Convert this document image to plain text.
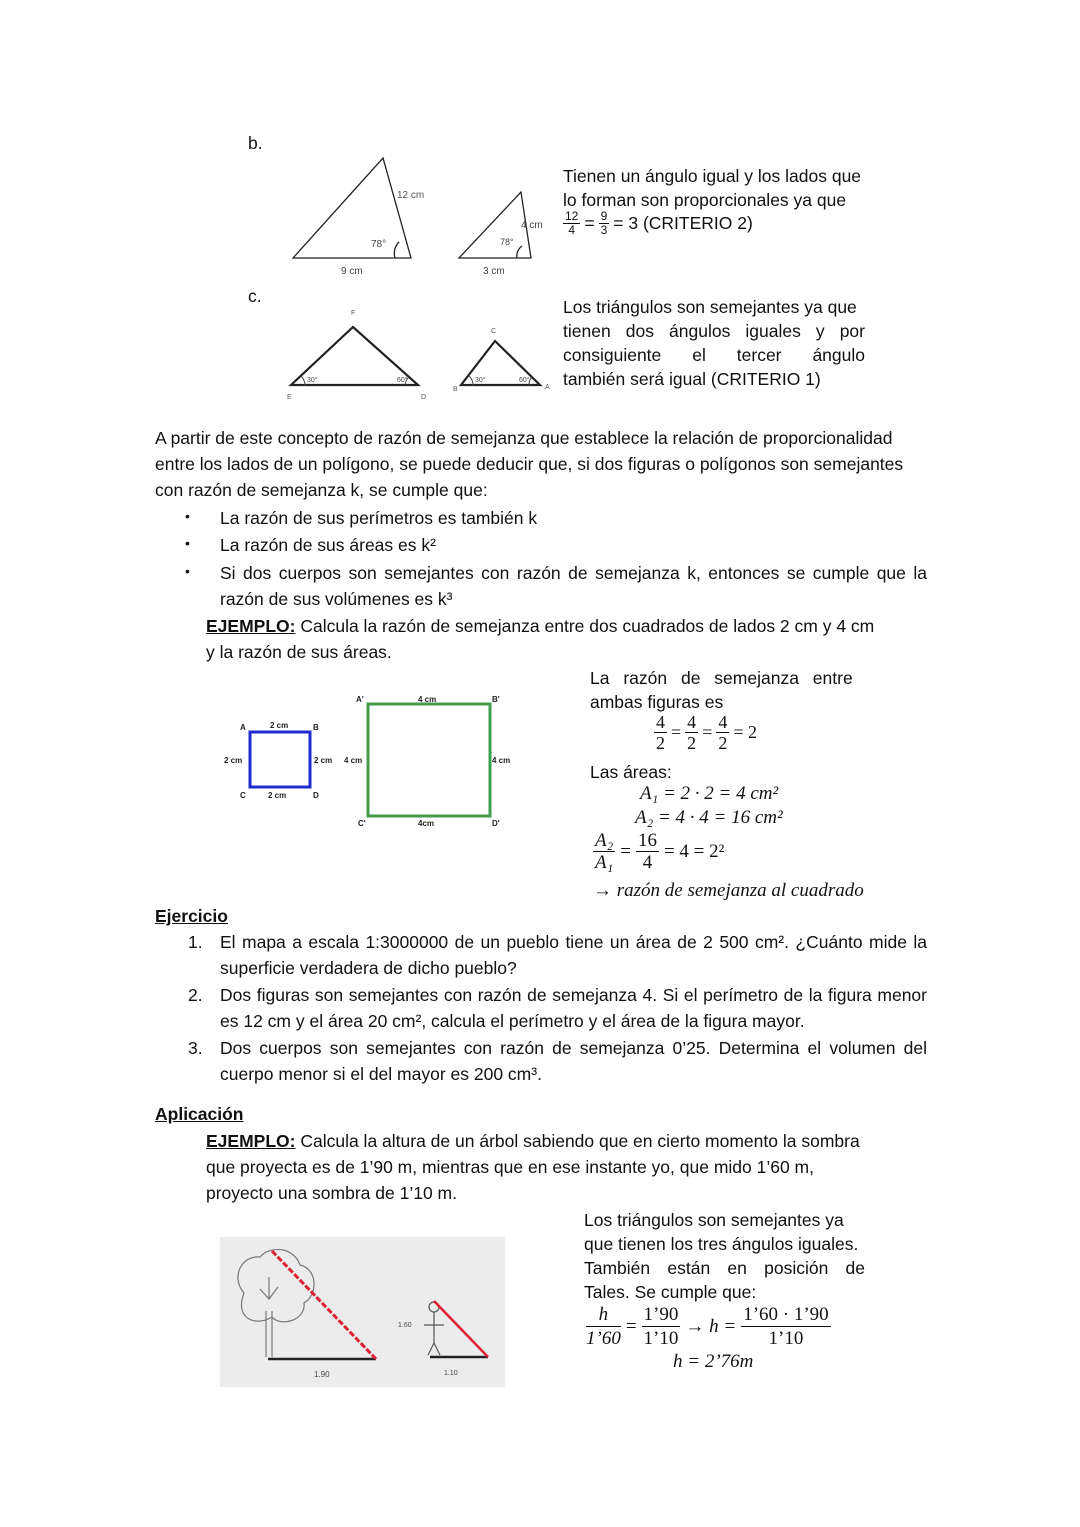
b.
12 cm
78°
9 cm
4 cm
78°
3 cm
Tienen un ángulo igual y los lados que
lo forman son proporcionales ya que
$\frac{12}{4} = \frac{9}{3} = 3$ (CRITERIO 2)
c.
F
E	D
C
B	A
30°	60°	30°	60°
Los triángulos son semejantes ya que
tienen dos ángulos iguales y por
consiguiente el tercer ángulo
también será igual (CRITERIO 1)
A partir de este concepto de razón de semejanza que establece la relación de proporcionalidad
entre los lados de un polígono, se puede deducir que, si dos figuras o polígonos son semejantes
con razón de semejanza k, se cumple que:
• La razón de sus perímetros es también k
• La razón de sus áreas es k²
• Si dos cuerpos son semejantes con razón de semejanza k, entonces se cumple que la
razón de sus volúmenes es k³
EJEMPLO: Calcula la razón de semejanza entre dos cuadrados de lados 2 cm y 4 cm
y la razón de sus áreas.
A	2 cm	B
2 cm	2 cm
C	2 cm	D
A'	4 cm	B'
4 cm	4 cm
C'	4cm	D'
La razón de semejanza entre
ambas figuras es
$\frac{4}{2} = \frac{4}{2} = \frac{4}{2} = 2$
Las áreas:
A₁ = 2 · 2 = 4 cm²
A₂ = 4 · 4 = 16 cm²
$\frac{\text{A₂}}{\text{A₁}} = \frac{16}{4} = 4 = 2^2$
→ razón de semejanza al cuadrado
Ejercicio
1. El mapa a escala 1:3000000 de un pueblo tiene un área de 2 500 cm². ¿Cuánto mide la
superficie verdadera de dicho pueblo?
2. Dos figuras son semejantes con razón de semejanza 4. Si el perímetro de la figura menor
es 12 cm y el área 20 cm², calcula el perímetro y el área de la figura mayor.
3. Dos cuerpos son semejantes con razón de semejanza 0’25. Determina el volumen del
cuerpo menor si el del mayor es 200 cm³.
Aplicación
EJEMPLO: Calcula la altura de un árbol sabiendo que en cierto momento la sombra
que proyecta es de 1’90 m, mientras que en ese instante yo, que mido 1’60 m,
proyecto una sombra de 1’10 m.
1.90
1.60
1.10
Los triángulos son semejantes ya
que tienen los tres ángulos iguales.
También están en posición de
Tales. Se cumple que:
$\frac{h}{1’60} = \frac{1’90}{1’10} \to h = \frac{1’60 \cdot 1’90}{1’10}$
h = 2’76m
